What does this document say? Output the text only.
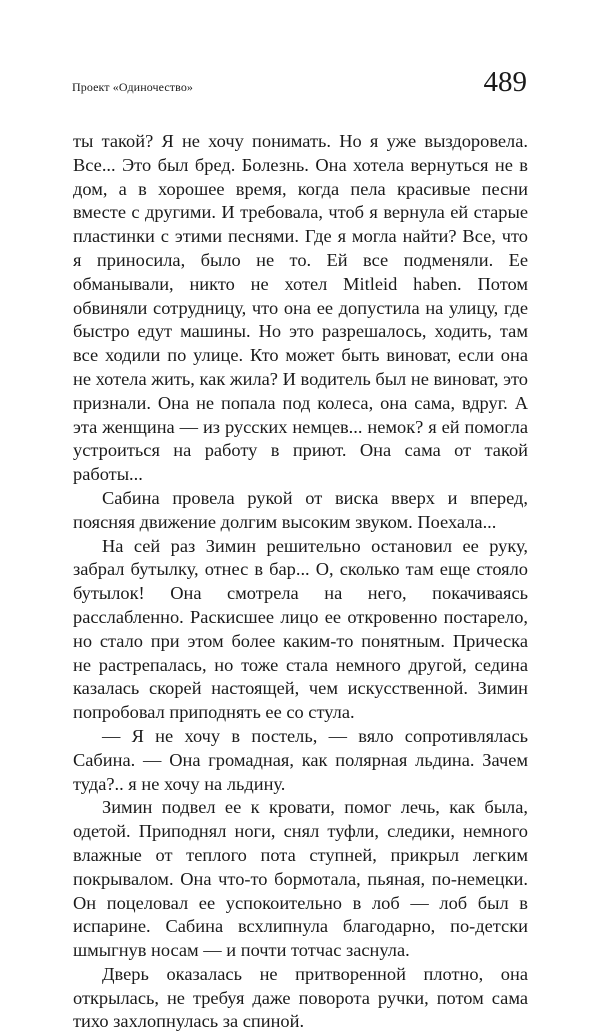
Проект «Одиночество»	489

ты такой? Я не хочу понимать. Но я уже выздоровела. Все... Это был бред. Болезнь. Она хотела вернуться не в дом, а в хорошее время, когда пела красивые песни вместе с другими. И требовала, чтоб я вернула ей старые пластинки с этими песнями. Где я могла найти? Все, что я приносила, было не то. Ей все подменяли. Ее обманывали, никто не хотел Mitleid haben. Потом обвиняли сотрудницу, что она ее допустила на улицу, где быстро едут машины. Но это разрешалось, ходить, там все ходили по улице. Кто может быть виноват, если она не хотела жить, как жила? И водитель был не виноват, это признали. Она не попала под колеса, она сама, вдруг. А эта женщина — из русских немцев... немок? я ей помогла устроиться на работу в приют. Она сама от такой работы...

Сабина провела рукой от виска вверх и вперед, поясняя движение долгим высоким звуком. Поехала...

На сей раз Зимин решительно остановил ее руку, забрал бутылку, отнес в бар... О, сколько там еще стояло бутылок! Она смотрела на него, покачиваясь расслабленно. Раскисшее лицо ее откровенно постарело, но стало при этом более каким-то понятным. Прическа не растрепалась, но тоже стала немного другой, седина казалась скорей настоящей, чем искусственной. Зимин попробовал приподнять ее со стула.

— Я не хочу в постель, — вяло сопротивлялась Сабина. — Она громадная, как полярная льдина. Зачем туда?.. я не хочу на льдину.

Зимин подвел ее к кровати, помог лечь, как была, одетой. Приподнял ноги, снял туфли, следики, немного влажные от теплого пота ступней, прикрыл легким покрывалом. Она что-то бормотала, пьяная, по-немецки. Он поцеловал ее успокоительно в лоб — лоб был в испарине. Сабина всхлипнула благодарно, по-детски шмыгнув носам — и почти тотчас заснула.

Дверь оказалась не притворенной плотно, она открылась, не требуя даже поворота ручки, потом сама тихо захлопнулась за спиной.
